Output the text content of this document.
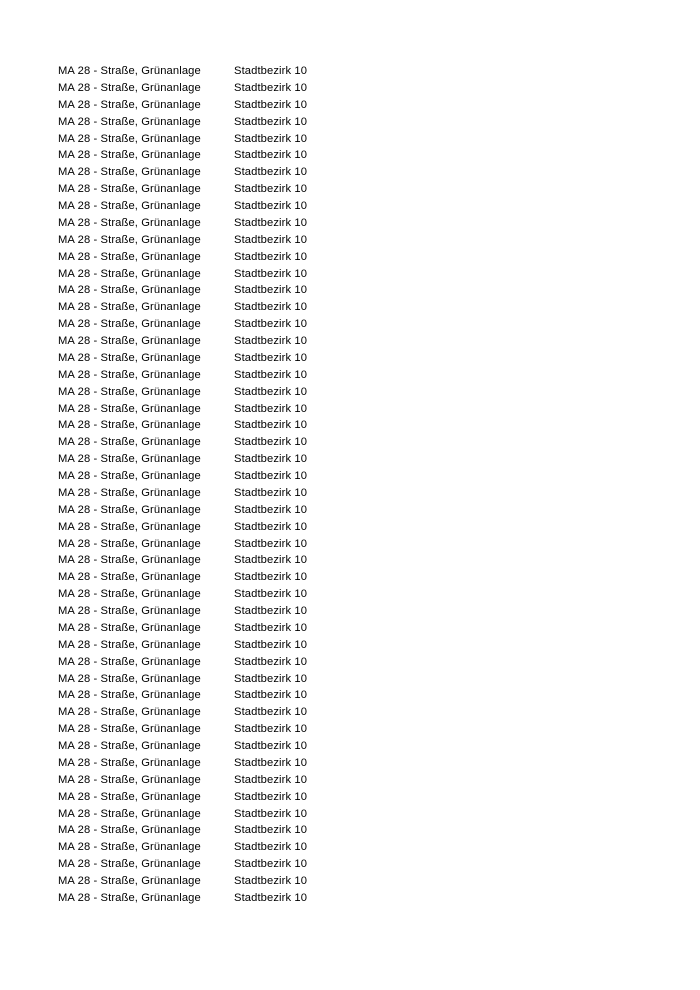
MA 28 - Straße, Grünanlage	Stadtbezirk 10
MA 28 - Straße, Grünanlage	Stadtbezirk 10
MA 28 - Straße, Grünanlage	Stadtbezirk 10
MA 28 - Straße, Grünanlage	Stadtbezirk 10
MA 28 - Straße, Grünanlage	Stadtbezirk 10
MA 28 - Straße, Grünanlage	Stadtbezirk 10
MA 28 - Straße, Grünanlage	Stadtbezirk 10
MA 28 - Straße, Grünanlage	Stadtbezirk 10
MA 28 - Straße, Grünanlage	Stadtbezirk 10
MA 28 - Straße, Grünanlage	Stadtbezirk 10
MA 28 - Straße, Grünanlage	Stadtbezirk 10
MA 28 - Straße, Grünanlage	Stadtbezirk 10
MA 28 - Straße, Grünanlage	Stadtbezirk 10
MA 28 - Straße, Grünanlage	Stadtbezirk 10
MA 28 - Straße, Grünanlage	Stadtbezirk 10
MA 28 - Straße, Grünanlage	Stadtbezirk 10
MA 28 - Straße, Grünanlage	Stadtbezirk 10
MA 28 - Straße, Grünanlage	Stadtbezirk 10
MA 28 - Straße, Grünanlage	Stadtbezirk 10
MA 28 - Straße, Grünanlage	Stadtbezirk 10
MA 28 - Straße, Grünanlage	Stadtbezirk 10
MA 28 - Straße, Grünanlage	Stadtbezirk 10
MA 28 - Straße, Grünanlage	Stadtbezirk 10
MA 28 - Straße, Grünanlage	Stadtbezirk 10
MA 28 - Straße, Grünanlage	Stadtbezirk 10
MA 28 - Straße, Grünanlage	Stadtbezirk 10
MA 28 - Straße, Grünanlage	Stadtbezirk 10
MA 28 - Straße, Grünanlage	Stadtbezirk 10
MA 28 - Straße, Grünanlage	Stadtbezirk 10
MA 28 - Straße, Grünanlage	Stadtbezirk 10
MA 28 - Straße, Grünanlage	Stadtbezirk 10
MA 28 - Straße, Grünanlage	Stadtbezirk 10
MA 28 - Straße, Grünanlage	Stadtbezirk 10
MA 28 - Straße, Grünanlage	Stadtbezirk 10
MA 28 - Straße, Grünanlage	Stadtbezirk 10
MA 28 - Straße, Grünanlage	Stadtbezirk 10
MA 28 - Straße, Grünanlage	Stadtbezirk 10
MA 28 - Straße, Grünanlage	Stadtbezirk 10
MA 28 - Straße, Grünanlage	Stadtbezirk 10
MA 28 - Straße, Grünanlage	Stadtbezirk 10
MA 28 - Straße, Grünanlage	Stadtbezirk 10
MA 28 - Straße, Grünanlage	Stadtbezirk 10
MA 28 - Straße, Grünanlage	Stadtbezirk 10
MA 28 - Straße, Grünanlage	Stadtbezirk 10
MA 28 - Straße, Grünanlage	Stadtbezirk 10
MA 28 - Straße, Grünanlage	Stadtbezirk 10
MA 28 - Straße, Grünanlage	Stadtbezirk 10
MA 28 - Straße, Grünanlage	Stadtbezirk 10
MA 28 - Straße, Grünanlage	Stadtbezirk 10
MA 28 - Straße, Grünanlage	Stadtbezirk 10
